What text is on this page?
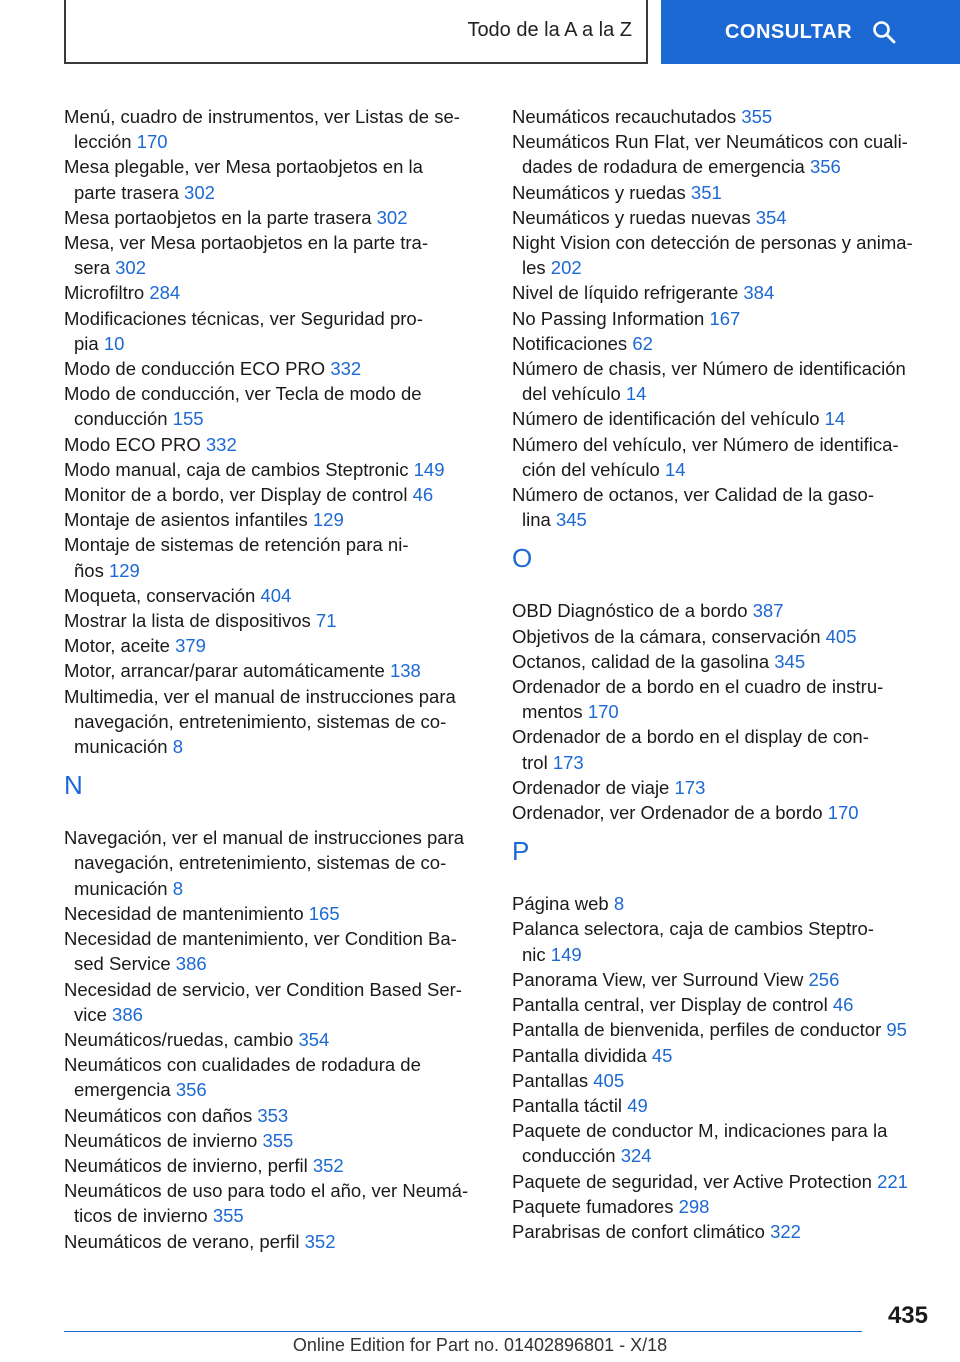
Todo de la A a la Z	CONSULTAR
Menú, cuadro de instrumentos, ver Listas de se-
lección 170
Mesa plegable, ver Mesa portaobjetos en la
parte trasera 302
Mesa portaobjetos en la parte trasera 302
Mesa, ver Mesa portaobjetos en la parte tra-
sera 302
Microfiltro 284
Modificaciones técnicas, ver Seguridad pro-
pia 10
Modo de conducción ECO PRO 332
Modo de conducción, ver Tecla de modo de
conducción 155
Modo ECO PRO 332
Modo manual, caja de cambios Steptronic 149
Monitor de a bordo, ver Display de control 46
Montaje de asientos infantiles 129
Montaje de sistemas de retención para ni-
ños 129
Moqueta, conservación 404
Mostrar la lista de dispositivos 71
Motor, aceite 379
Motor, arrancar/parar automáticamente 138
Multimedia, ver el manual de instrucciones para
navegación, entretenimiento, sistemas de co-
municación 8
N
Navegación, ver el manual de instrucciones para
navegación, entretenimiento, sistemas de co-
municación 8
Necesidad de mantenimiento 165
Necesidad de mantenimiento, ver Condition Ba-
sed Service 386
Necesidad de servicio, ver Condition Based Ser-
vice 386
Neumáticos/ruedas, cambio 354
Neumáticos con cualidades de rodadura de
emergencia 356
Neumáticos con daños 353
Neumáticos de invierno 355
Neumáticos de invierno, perfil 352
Neumáticos de uso para todo el año, ver Neumá-
ticos de invierno 355
Neumáticos de verano, perfil 352
Neumáticos recauchutados 355
Neumáticos Run Flat, ver Neumáticos con cuali-
dades de rodadura de emergencia 356
Neumáticos y ruedas 351
Neumáticos y ruedas nuevas 354
Night Vision con detección de personas y anima-
les 202
Nivel de líquido refrigerante 384
No Passing Information 167
Notificaciones 62
Número de chasis, ver Número de identificación
del vehículo 14
Número de identificación del vehículo 14
Número del vehículo, ver Número de identifica-
ción del vehículo 14
Número de octanos, ver Calidad de la gaso-
lina 345
O
OBD Diagnóstico de a bordo 387
Objetivos de la cámara, conservación 405
Octanos, calidad de la gasolina 345
Ordenador de a bordo en el cuadro de instru-
mentos 170
Ordenador de a bordo en el display de con-
trol 173
Ordenador de viaje 173
Ordenador, ver Ordenador de a bordo 170
P
Página web 8
Palanca selectora, caja de cambios Steptro-
nic 149
Panorama View, ver Surround View 256
Pantalla central, ver Display de control 46
Pantalla de bienvenida, perfiles de conductor 95
Pantalla dividida 45
Pantallas 405
Pantalla táctil 49
Paquete de conductor M, indicaciones para la
conducción 324
Paquete de seguridad, ver Active Protection 221
Paquete fumadores 298
Parabrisas de confort climático 322
435
Online Edition for Part no. 01402896801 - X/18
